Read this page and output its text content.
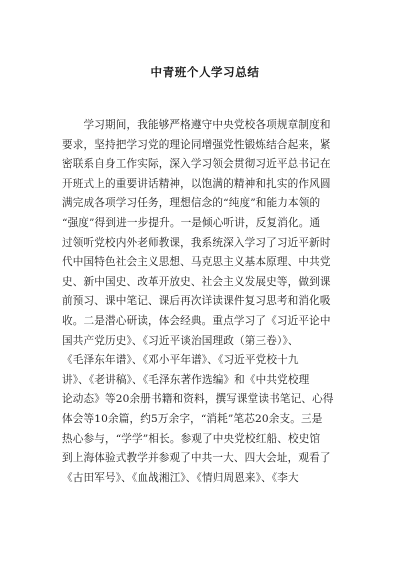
中青班个人学习总结
　　学习期间，我能够严格遵守中央党校各项规章制度和
要求，坚持把学习党的理论同增强党性锻炼结合起来，紧
密联系自身工作实际，深入学习领会贯彻习近平总书记在
开班式上的重要讲话精神，以饱满的精神和扎实的作风圆
满完成各项学习任务，理想信念的“纯度”和能力本领的
“强度”得到进一步提升。一是倾心听讲，反复消化。通
过领听党校内外老师教课，我系统深入学习了习近平新时
代中国特色社会主义思想、马克思主义基本原理、中共党
史、新中国史、改革开放史、社会主义发展史等，做到课
前预习、课中笔记、课后再次详读课件复习思考和消化吸
收。二是潜心研读，体会经典。重点学习了《习近平论中
国共产党历史》、《习近平谈治国理政（第三卷）》、
《毛泽东年谱》、《邓小平年谱》、《习近平党校十九
讲》、《老讲稿》、《毛泽东著作选编》和《中共党校理
论动态》等20余册书籍和资料，撰写课堂读书笔记、心得
体会等10余篇，约5万余字，“消耗”笔芯20余支。三是
热心参与，“学学”相长。参观了中央党校红船、校史馆
到上海体验式教学并参观了中共一大、四大会址，观看了
《古田军号》、《血战湘江》、《情归周恩来》、《李大
